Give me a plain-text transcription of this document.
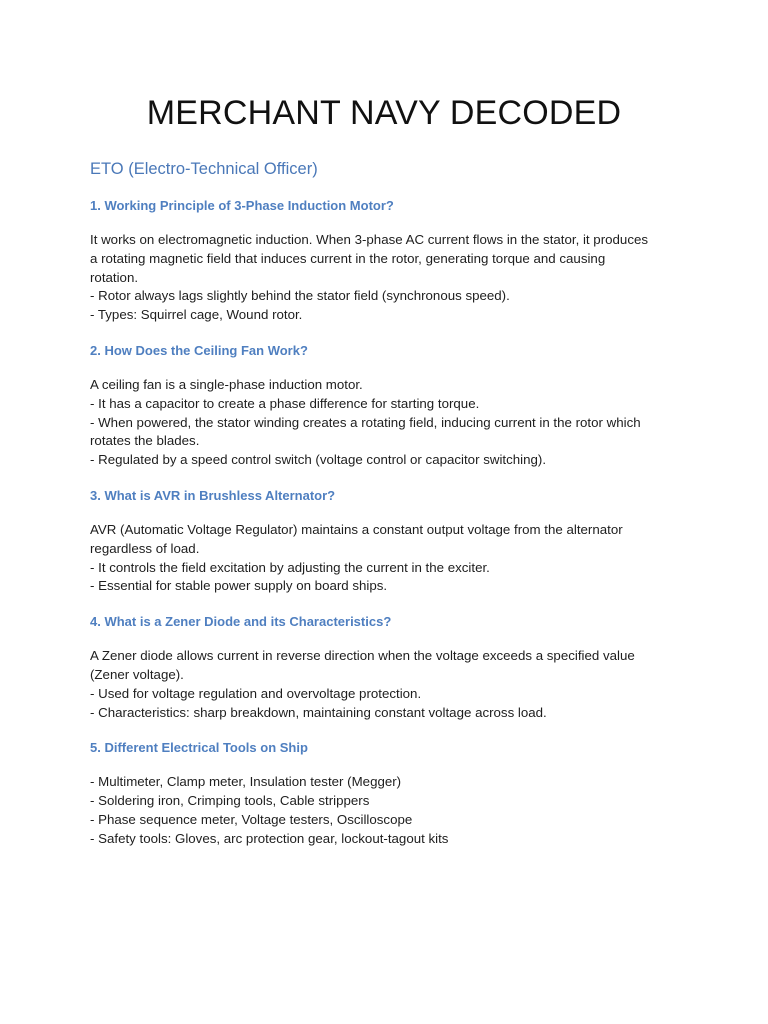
MERCHANT NAVY DECODED
ETO (Electro-Technical Officer)
1. Working Principle of 3-Phase Induction Motor?

It works on electromagnetic induction. When 3-phase AC current flows in the stator, it produces
a rotating magnetic field that induces current in the rotor, generating torque and causing
rotation.
- Rotor always lags slightly behind the stator field (synchronous speed).
- Types: Squirrel cage, Wound rotor.

2. How Does the Ceiling Fan Work?

A ceiling fan is a single-phase induction motor.
- It has a capacitor to create a phase difference for starting torque.
- When powered, the stator winding creates a rotating field, inducing current in the rotor which
rotates the blades.
- Regulated by a speed control switch (voltage control or capacitor switching).

3. What is AVR in Brushless Alternator?

AVR (Automatic Voltage Regulator) maintains a constant output voltage from the alternator
regardless of load.
- It controls the field excitation by adjusting the current in the exciter.
- Essential for stable power supply on board ships.

4. What is a Zener Diode and its Characteristics?

A Zener diode allows current in reverse direction when the voltage exceeds a specified value
(Zener voltage).
- Used for voltage regulation and overvoltage protection.
- Characteristics: sharp breakdown, maintaining constant voltage across load.

5. Different Electrical Tools on Ship

- Multimeter, Clamp meter, Insulation tester (Megger)
- Soldering iron, Crimping tools, Cable strippers
- Phase sequence meter, Voltage testers, Oscilloscope
- Safety tools: Gloves, arc protection gear, lockout-tagout kits
